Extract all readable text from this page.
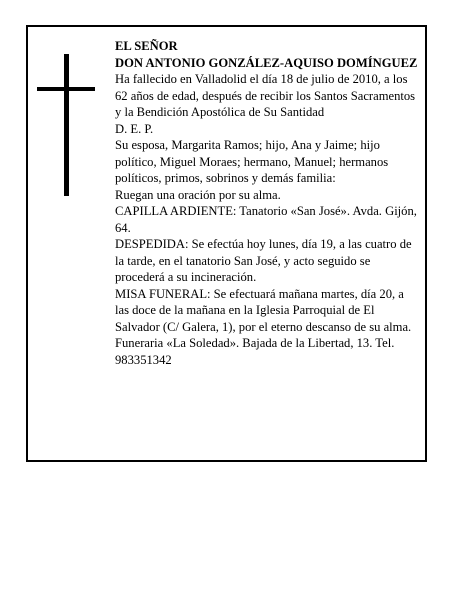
EL SEÑOR

DON ANTONIO GONZÁLEZ-AQUISO DOMÍNGUEZ

Ha fallecido en Valladolid el día 18 de julio de 2010, a los 62 años de edad, después de recibir los Santos Sacramentos y la Bendición Apostólica de Su Santidad

D. E. P.

Su esposa, Margarita Ramos; hijo, Ana y Jaime; hijo político, Miguel Moraes; hermano, Manuel; hermanos políticos, primos, sobrinos y demás familia:

Ruegan una oración por su alma.

CAPILLA ARDIENTE: Tanatorio «San José». Avda. Gijón, 64.

DESPEDIDA: Se efectúa hoy lunes, día 19, a las cuatro de la tarde, en el tanatorio San José, y acto seguido se procederá a su incineración.

MISA FUNERAL: Se efectuará mañana martes, día 20, a las doce de la mañana en la Iglesia Parroquial de El Salvador (C/ Galera, 1), por el eterno descanso de su alma.

Funeraria «La Soledad». Bajada de la Libertad, 13. Tel. 983351342
